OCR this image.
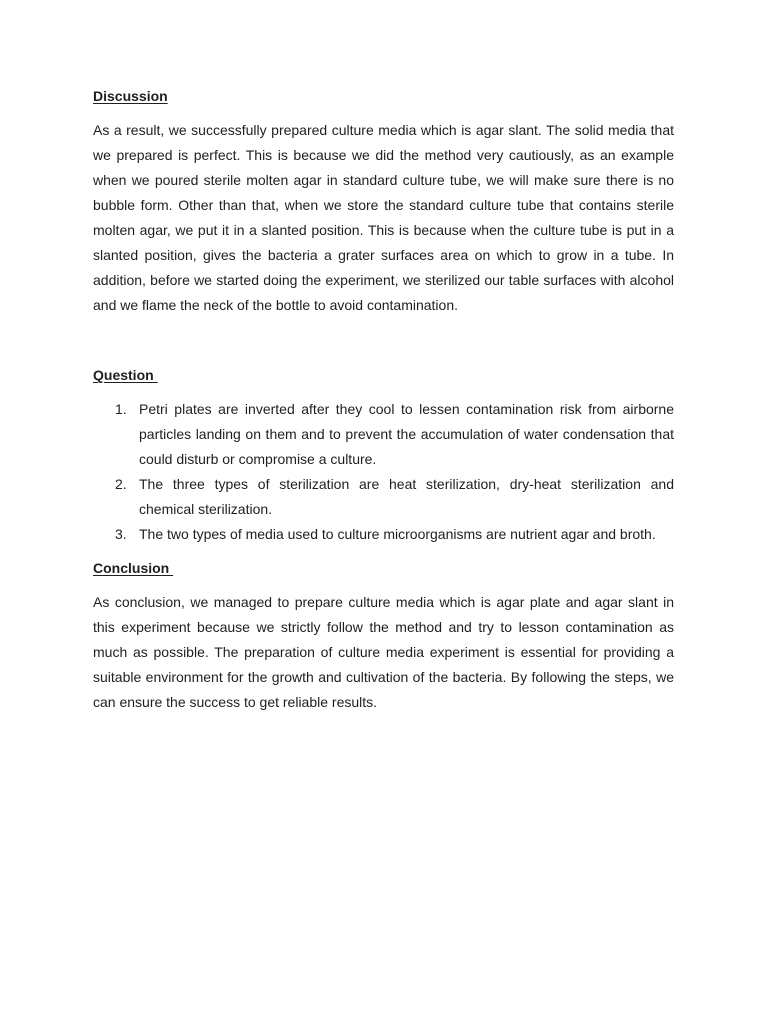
Discussion

As a result, we successfully prepared culture media which is agar slant. The solid media that we prepared is perfect. This is because we did the method very cautiously, as an example when we poured sterile molten agar in standard culture tube, we will make sure there is no bubble form. Other than that, when we store the standard culture tube that contains sterile molten agar, we put it in a slanted position. This is because when the culture tube is put in a slanted position, gives the bacteria a grater surfaces area on which to grow in a tube. In addition, before we started doing the experiment, we sterilized our table surfaces with alcohol and we flame the neck of the bottle to avoid contamination.

Question
1. Petri plates are inverted after they cool to lessen contamination risk from airborne particles landing on them and to prevent the accumulation of water condensation that could disturb or compromise a culture.
2. The three types of sterilization are heat sterilization, dry-heat sterilization and chemical sterilization.
3. The two types of media used to culture microorganisms are nutrient agar and broth.
Conclusion

As conclusion, we managed to prepare culture media which is agar plate and agar slant in this experiment because we strictly follow the method and try to lesson contamination as much as possible. The preparation of culture media experiment is essential for providing a suitable environment for the growth and cultivation of the bacteria. By following the steps, we can ensure the success to get reliable results.
